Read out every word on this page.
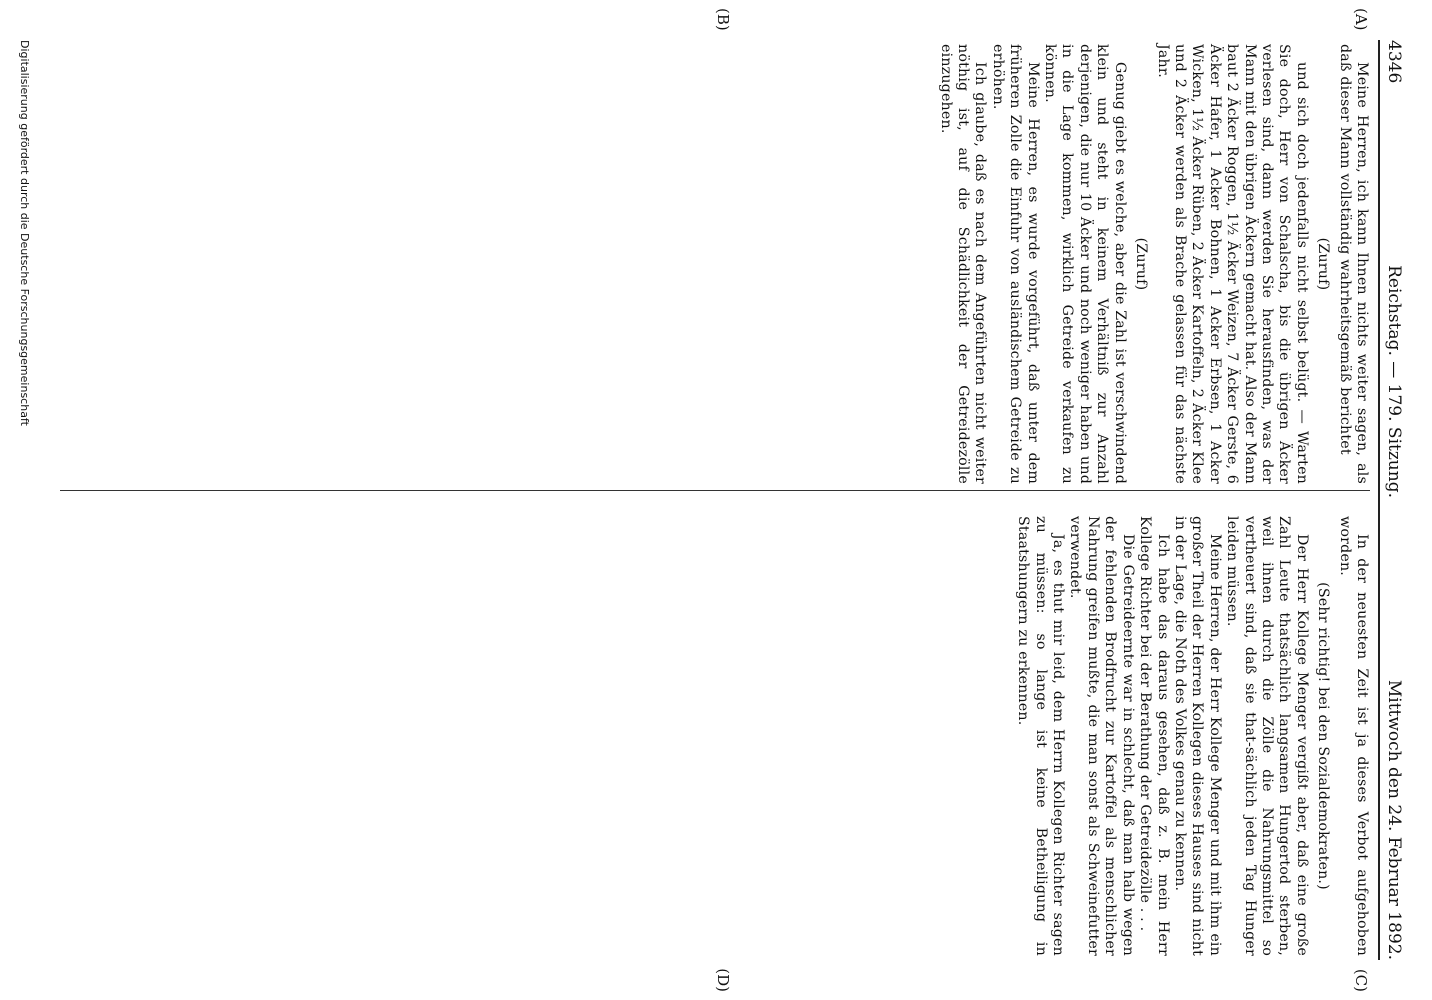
4346
Reichstag. — 179. Sitzung.
Mittwoch den 24. Februar 1892.
(A)
(B)
(C)
(D)

Meine Herren, ich kann Ihnen nichts weiter sagen, als daß dieser Mann vollständig wahrheitsgemäß berichtet

(Zuruf)

und sich doch jedenfalls nicht selbst belügt. — Warten Sie doch, Herr von Schalscha, bis die übrigen Äcker verlesen sind, dann werden Sie herausfinden, was der Mann mit den übrigen Äckern gemacht hat. Also der Mann baut 2 Äcker Roggen, 1½ Äcker Weizen, 7 Äcker Gerste, 6 Äcker Hafer, 1 Acker Bohnen, 1 Acker Erbsen, 1 Acker Wicken, 1½ Äcker Rüben, 2 Äcker Kartoffeln, 2 Äcker Klee und 2 Äcker werden als Brache gelassen für das nächste Jahr.

(Zuruf)

Genug giebt es welche, aber die Zahl ist verschwindend klein und steht in keinem Verhältniß zur Anzahl derjenigen, die nur 10 Äcker und noch weniger haben und in die Lage kommen, wirklich Getreide verkaufen zu können.

Meine Herren, es wurde vorgeführt, daß unter dem früheren Zolle die Einfuhr von ausländischem Getreide zu erhöhen.

Ich glaube, daß es nach dem Angeführten nicht weiter nöthig ist, auf die Schädlichkeit der Getreidezölle einzugehen.

In der neuesten Zeit ist ja dieses Verbot aufgehoben worden.

(Sehr richtig! bei den Sozialdemokraten.)

Der Herr Kollege Menger vergißt aber, daß eine große Zahl Leute thatsächlich langsamen Hungertod sterben, weil ihnen durch die Zölle die Nahrungsmittel so vertheuert sind, daß sie that-sächlich jeden Tag Hunger leiden müssen.

Meine Herren, der Herr Kollege Menger und mit ihm ein großer Theil der Herren Kollegen dieses Hauses sind nicht in der Lage, die Noth des Volkes genau zu kennen.

Ich habe das daraus gesehen, daß z. B. mein Herr Kollege Richter bei der Berathung der Getreidezölle . . .

Die Getreideernte war in schlecht, daß man halb wegen der fehlenden Brodfrucht zur Kartoffel als menschlicher Nahrung greifen mußte, die man sonst als Schweinefutter verwendet.

Ja, es thut mir leid, dem Herrn Kollegen Richter sagen zu müssen: so lange ist keine Betheiligung in Staatshungern zu erkennen.

Digitalisierung gefördert durch die Deutsche Forschungsgemeinschaft
